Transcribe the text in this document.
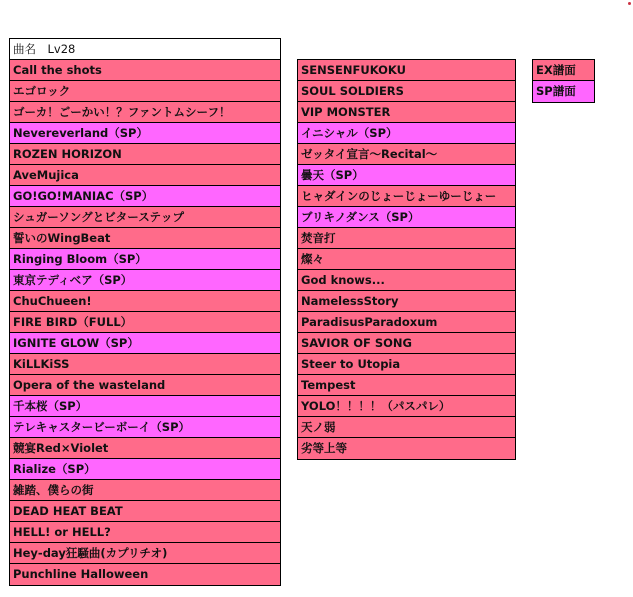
曲名　Lv28
Call the shots
エゴロック
ゴーカ！ごーかい！？ファントムシーフ！
Nevereverland（SP）
ROZEN HORIZON
AveMujica
GO!GO!MANIAC（SP）
シュガーソングとビターステップ
誓いのWingBeat
Ringing Bloom（SP）
東京テディベア（SP）
ChuChueen!
FIRE BIRD（FULL）
IGNITE GLOW（SP）
KiLLKiSS
Opera of the wasteland
千本桜（SP）
テレキャスタービーボーイ（SP）
競宴Red×Violet
Rialize（SP）
雑踏、僕らの街
DEAD HEAT BEAT
HELL! or HELL?
Hey-day狂騒曲(カプリチオ)
Punchline Halloween
SENSENFUKOKU
SOUL SOLDIERS
VIP MONSTER
イニシャル（SP）
ゼッタイ宣言～Recital～
曇天（SP）
ヒャダインのじょーじょーゆーじょー
ブリキノダンス（SP）
焚音打
燦々
God knows...
NamelessStory
ParadisusParadoxum
SAVIOR OF SONG
Steer to Utopia
Tempest
YOLO！！！！（パスパレ）
天ノ弱
劣等上等
EX譜面
SP譜面
